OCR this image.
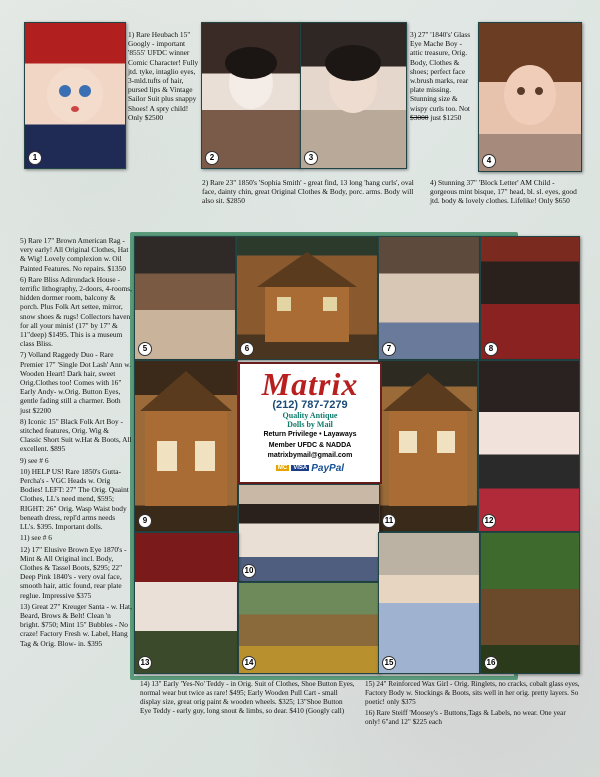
1

1) Rare Heubach 15" Googly - important '8555' UFDC winner Comic Character! Fully jtd. tyke, intaglio eyes, 3-mld.tufts of hair, pursed lips & Vintage Sailor Suit plus snappy Shoes! A spry child! Only $2500

2	3

3) 27" '1840's' Glass Eye Mache Boy - attic treasure, Orig. Body, Clothes & shoes; perfect face w.brush marks, rear plate missing. Stunning size & wispy curls too. Not $3000 just $1250

4

2) Rare 23" 1850's 'Sophia Smith' - great find, 13 long 'hang curls', oval face, dainty chin, great Original Clothes & Body, porc. arms. Body will also sit. $2850

4) Stunning 37" 'Block Letter' AM Child - gorgeous mint bisque, 17" head, bl. sl. eyes, good jtd. body & lovely clothes. Lifelike! Only $650

5) Rare 17" Brown American Rag - very early! All Original Clothes, Hat & Wig! Lovely complexion w. Oil Painted Features. No repairs. $1350

6) Rare Bliss Adirondack House - terrific lithography, 2-doors, 4-rooms, hidden dormer room, balcony & porch. Plus Folk Art settee, mirror, snow shoes & rugs! Collectors haven for all your minis! (17" by 17" & 11"deep) $1495. This is a museum class Bliss.

7) Volland Raggedy Duo - Rare Premier 17" 'Single Dot Lash' Ann w. Wooden Heart! Dark hair, sweet Orig.Clothes too! Comes with 16" Early Andy- w.Orig. Button Eyes, gentle fading still a charmer. Both just $2200

8) Iconic 15" Black Folk Art Boy - stitched features, Orig. Wig & Classic Short Suit w.Hat & Boots, All excellent. $895

9) see # 6

10) HELP US! Rare 1850's Gutta-Percha's - VGC Heads w. Orig Bodies! LEFT: 27" The Orig. Quaint Clothes, LL's need mend, $595; RIGHT: 26" Orig. Wasp Waist body beneath dress, repl'd arms needs LL's. $395. Important dolls.

11) see # 6

12) 17" Elusive Brown Eye 1870's - Mint & All Original incl. Body, Clothes & Tassel Boots, $295; 22" Deep Pink 1840's - very oval face, smooth hair, attic found, rear plate reglue. Impressive $375

13) Great 27" Kreuger Santa - w. Hat, Beard, Brows & Belt! Clean 'n bright. $750; Mint 15" Bubbles - No craze! Factory Fresh w. Label, Hang Tag & Orig. Blow- in. $395

5	6	7	8
9	11	12
Matrix
(212) 787-7279
Quality Antique
Dolls by Mail
Return Privilege • Layaways
Member UFDC & NADDA
matrixbymail@gmail.com
MC VISA PayPal
10
13	14	15	16

14) 13" Early 'Yes-No' Teddy - in Orig. Suit of Clothes, Shoe Button Eyes, normal wear but twice as rare! $495; Early Wooden Pull Cart - small display size, great orig paint & wooden wheels. $325; 13"Shoe Button Eye Teddy - early guy, long snout & limbs, so dear. $410 (Googly call)

15) 24" Reinforced Wax Girl - Orig. Ringlets, no cracks, cobalt glass eyes, Factory Body w. Stockings & Boots, sits well in her orig. pretty layers. So poetic! only $375

16) Rare Steiff 'Moosey's - Buttons,Tags & Labels, no wear. One year only! 6"and 12" $225 each
